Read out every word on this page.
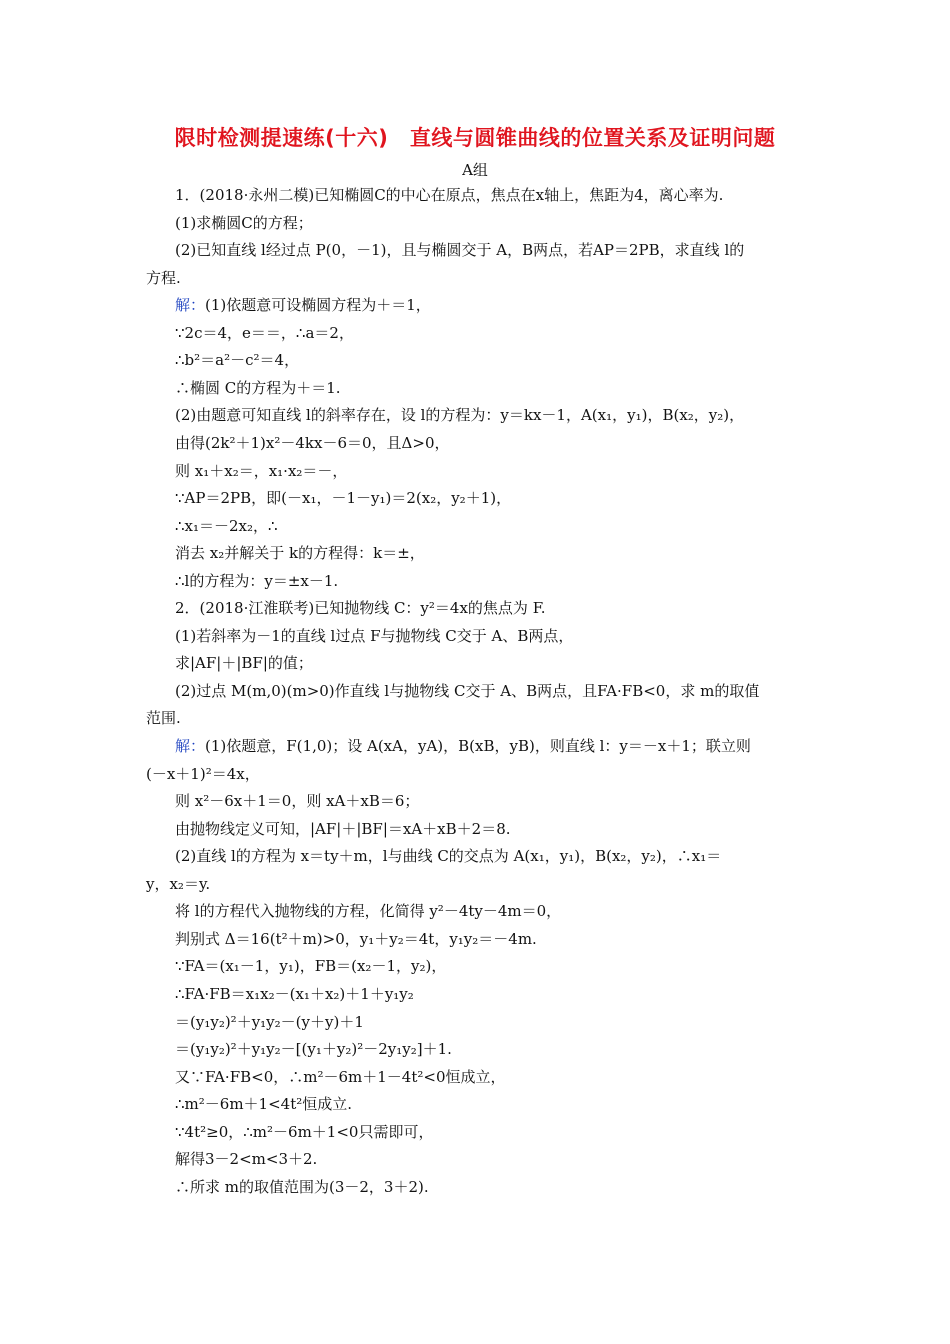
限时检测提速练(十六)　直线与圆锥曲线的位置关系及证明问题
A组
1．(2018·永州二模)已知椭圆C的中心在原点，焦点在x轴上，焦距为4，离心率为.
(1)求椭圆C的方程；
(2)已知直线 l经过点 P(0，－1)，且与椭圆交于 A，B两点，若AP＝2PB，求直线 l的
方程.
解：(1)依题意可设椭圆方程为＋＝1，
∵2c＝4，e＝＝，∴a＝2，
∴b²＝a²－c²＝4，
∴椭圆 C的方程为＋＝1.
(2)由题意可知直线 l的斜率存在，设 l的方程为：y＝kx－1，A(x₁，y₁)，B(x₂，y₂)，
由得(2k²＋1)x²－4kx－6＝0，且Δ>0，
则 x₁＋x₂＝，x₁·x₂＝－，
∵AP＝2PB，即(－x₁，－1－y₁)＝2(x₂，y₂＋1)，
∴x₁＝－2x₂，∴
消去 x₂并解关于 k的方程得：k＝±，
∴l的方程为：y＝±x－1.
2．(2018·江淮联考)已知抛物线 C：y²＝4x的焦点为 F.
(1)若斜率为－1的直线 l过点 F与抛物线 C交于 A、B两点，
求|AF|＋|BF|的值；
(2)过点 M(m,0)(m>0)作直线 l与抛物线 C交于 A、B两点，且FA·FB<0，求 m的取值
范围.
解：(1)依题意，F(1,0)；设 A(xA，yA)，B(xB，yB)，则直线 l：y＝－x＋1；联立则
(－x＋1)²＝4x，
则 x²－6x＋1＝0，则 xA＋xB＝6；
由抛物线定义可知，|AF|＋|BF|＝xA＋xB＋2＝8.
(2)直线 l的方程为 x＝ty＋m，l与曲线 C的交点为 A(x₁，y₁)，B(x₂，y₂)，∴x₁＝
y，x₂＝y.
将 l的方程代入抛物线的方程，化简得 y²－4ty－4m＝0，
判别式 Δ＝16(t²＋m)>0，y₁＋y₂＝4t，y₁y₂＝－4m.
∵FA＝(x₁－1，y₁)，FB＝(x₂－1，y₂)，
∴FA·FB＝x₁x₂－(x₁＋x₂)＋1＋y₁y₂
＝(y₁y₂)²＋y₁y₂－(y＋y)＋1
＝(y₁y₂)²＋y₁y₂－[(y₁＋y₂)²－2y₁y₂]＋1.
又∵FA·FB<0，∴m²－6m＋1－4t²<0恒成立，
∴m²－6m＋1<4t²恒成立.
∵4t²≥0，∴m²－6m＋1<0只需即可，
解得3－2<m<3＋2.
∴所求 m的取值范围为(3－2，3＋2).
